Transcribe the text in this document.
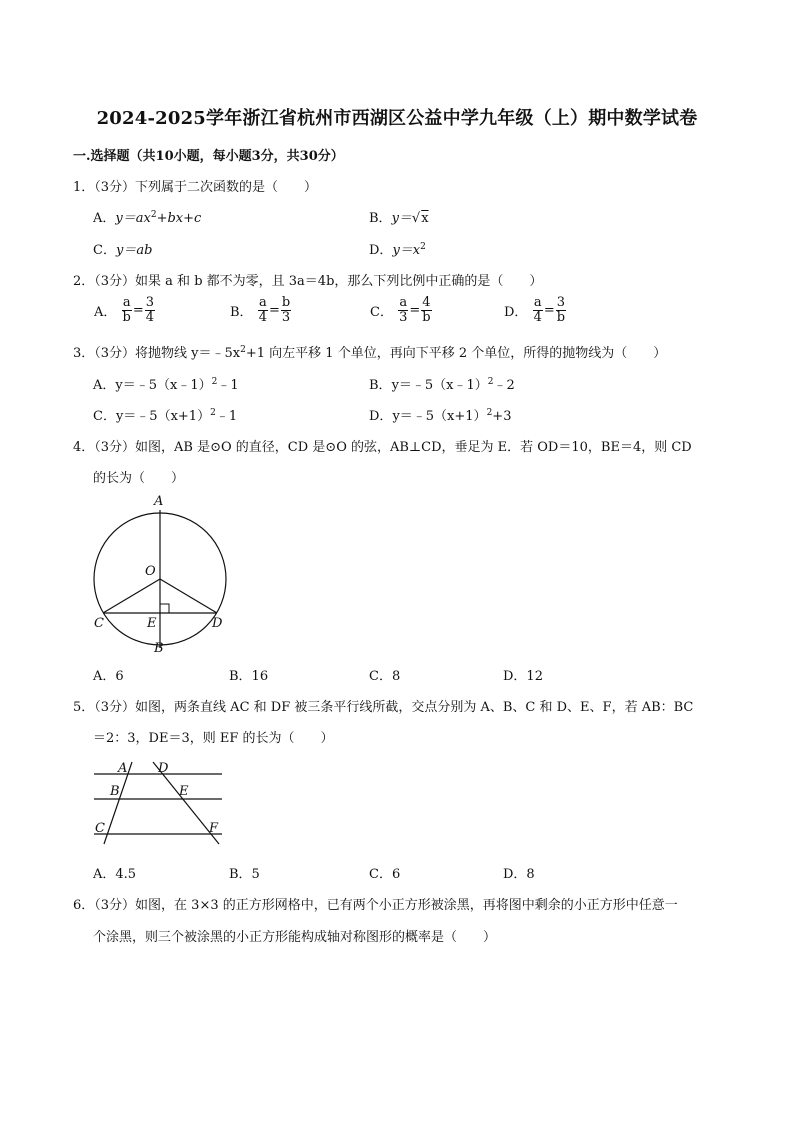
2024-2025学年浙江省杭州市西湖区公益中学九年级（上）期中数学试卷
一.选择题（共10小题，每小题3分，共30分）
1．（3分）下列属于二次函数的是（　　）
A．$y=ax^2+bx+c$	B．y＝√x
C．y＝ab	D．$y=x^2$
2．（3分）如果 a 和 b 都不为零，且 3a＝4b，那么下列比例中正确的是（　　）
A． $\frac{a}{b} = \frac{3}{4}$	B． $\frac{a}{4} = \frac{b}{3}$	C． $\frac{a}{3} = \frac{4}{b}$	D． $\frac{a}{4} = \frac{3}{b}$
3．（3分）将抛物线 $y=﹣5x^2+1$ 向左平移 1 个单位，再向下平移 2 个单位，所得的抛物线为（　　）
A．y＝﹣5（x﹣1）$^2$﹣1	B．y＝﹣5（x﹣1）$^2$﹣2
C．$y=﹣5(x+1)^2﹣1$	D．$y=﹣5(x+1)^2+3$
4．（3分）如图，AB 是⊙O 的直径，CD 是⊙O 的弦，AB⊥CD，垂足为 E．若 OD＝10，BE＝4，则 CD
的长为（　　）
A
O
C	E	D
B
A．6	B．16	C．8	D．12
5．（3分）如图，两条直线 AC 和 DF 被三条平行线所截，交点分别为 A、B、C 和 D、E、F，若 AB：BC
＝2：3，DE＝3，则 EF 的长为（　　）
A D
B	E
C	F
A．4.5	B．5	C．6	D．8
6．（3分）如图，在 3×3 的正方形网格中，已有两个小正方形被涂黑，再将图中剩余的小正方形中任意一
个涂黑，则三个被涂黑的小正方形能构成轴对称图形的概率是（　　）
